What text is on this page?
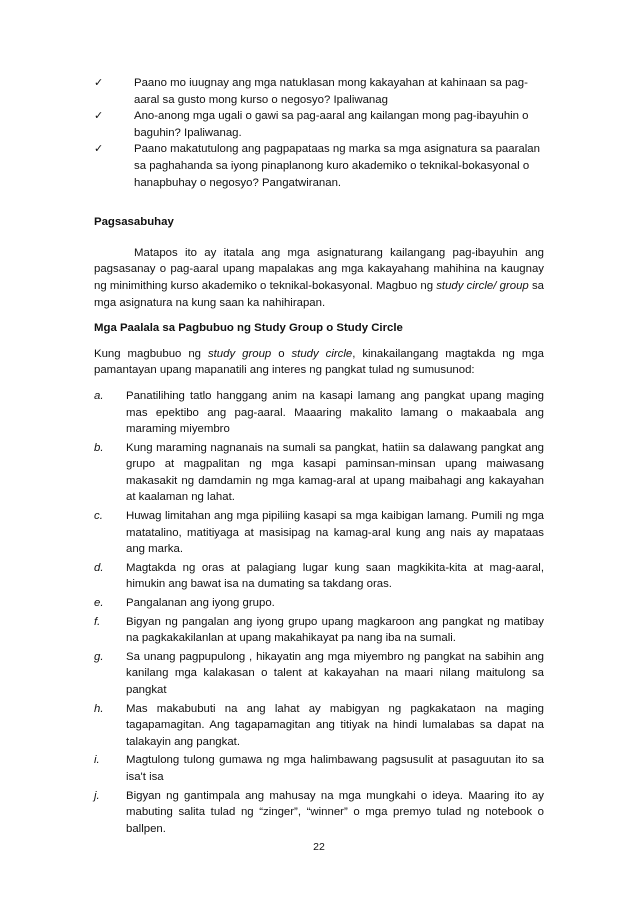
✓	Paano mo iuugnay ang mga natuklasan mong kakayahan at kahinaan sa pag-aaral sa gusto mong kurso o negosyo? Ipaliwanag
✓	Ano-anong mga ugali o gawi sa pag-aaral ang kailangan mong pag-ibayuhin o baguhin? Ipaliwanag.
✓	Paano makatutulong ang pagpapataas ng marka sa mga asignatura sa paaralan sa paghahanda sa iyong pinaplanong kuro akademiko o teknikal-bokasyonal o hanapbuhay o negosyo? Pangatwiranan.

Pagsasabuhay

Matapos ito ay itatala ang mga asignaturang kailangang pag-ibayuhin ang pagsasanay o pag-aaral upang mapalakas ang mga kakayahang mahihina na kaugnay ng minimithing kurso akademiko o teknikal-bokasyonal. Magbuo ng study circle/ group sa mga asignatura na kung saan ka nahihirapan.

Mga Paalala sa Pagbubuo ng Study Group o Study Circle

Kung magbubuo ng study group o study circle, kinakailangang magtakda ng mga pamantayan upang mapanatili ang interes ng pangkat tulad ng sumusunod:

a.	Panatilihing tatlo hanggang anim na kasapi lamang ang pangkat upang maging mas epektibo ang pag-aaral. Maaaring makalito lamang o makaabala ang maraming miyembro
b.	Kung maraming nagnanais na sumali sa pangkat, hatiin sa dalawang pangkat ang grupo at magpalitan ng mga kasapi paminsan-minsan upang maiwasang makasakit ng damdamin ng mga kamag-aral at upang maibahagi ang kakayahan at kaalaman ng lahat.
c.	Huwag limitahan ang mga pipiliing kasapi sa mga kaibigan lamang. Pumili ng mga matatalino, matitiyaga at masisipag na kamag-aral kung ang nais ay mapataas ang marka.
d.	Magtakda ng oras at palagiang lugar kung saan magkikita-kita at mag-aaral, himukin ang bawat isa na dumating sa takdang oras.
e.	Pangalanan ang iyong grupo.
f.	Bigyan ng pangalan ang iyong grupo upang magkaroon ang pangkat ng matibay na pagkakakilanlan at upang makahikayat pa nang iba na sumali.
g.	Sa unang pagpupulong , hikayatin ang mga miyembro ng pangkat na sabihin ang kanilang mga kalakasan o talent at kakayahan na maari nilang maitulong sa pangkat
h.	Mas makabubuti na ang lahat ay mabigyan ng pagkakataon na maging tagapamagitan. Ang tagapamagitan ang titiyak na hindi lumalabas sa dapat na talakayin ang pangkat.
i.	Magtulong tulong gumawa ng mga halimbawang pagsusulit at pasaguutan ito sa isa't isa
j.	Bigyan ng gantimpala ang mahusay na mga mungkahi o ideya. Maaring ito ay mabuting salita tulad ng “zinger”, “winner” o mga premyo tulad ng notebook o ballpen.
22
